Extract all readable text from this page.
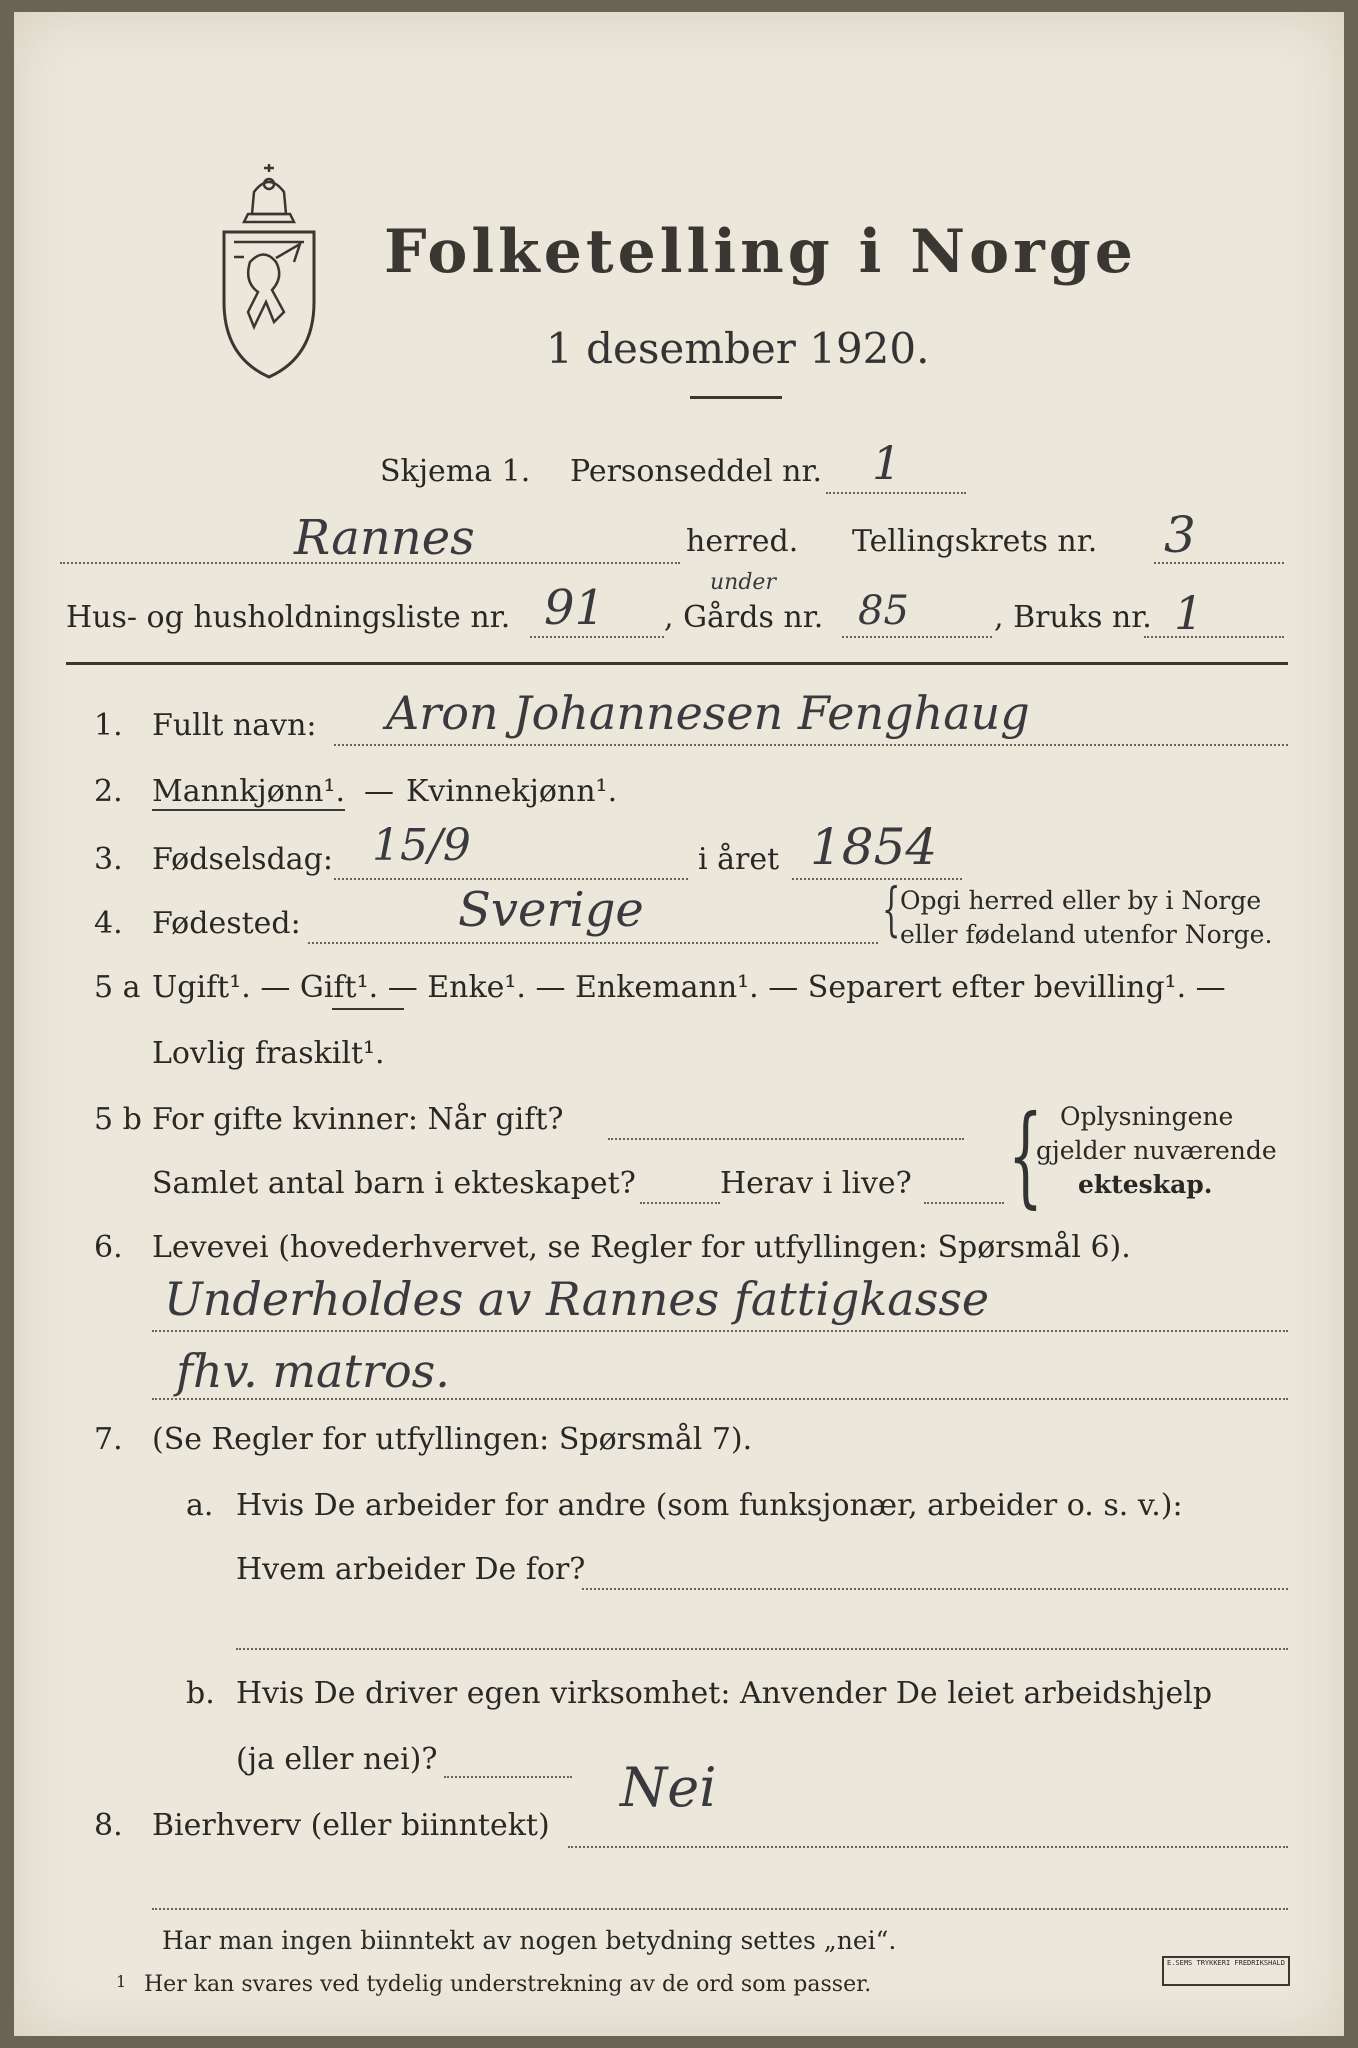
Folketelling i Norge
1 desember 1920.
Skjema 1. Personseddel nr. 1
Rannes	herred. Tellingskrets nr. 3
Hus- og husholdningsliste nr. 91 , Gårds nr.
under
85	, Bruks nr. 1
1. Fullt navn: Aron Johannesen Fenghaug
2. Mannkjønn¹. — Kvinnekjønn¹.
3. Fødselsdag: 15/9	i året 1854
4. Fødested:	Sverige	{ Opgi herred eller by i Norge
eller fødeland utenfor Norge.
5 a Ugift¹. — Gift¹. — Enke¹. — Enkemann¹. — Separert efter bevilling¹. —
Lovlig fraskilt¹.
5 b For gifte kvinner: Når gift?
Samlet antal barn i ekteskapet?	Herav i live? { Oplysningene
gjelder nuværende
ekteskap.
6. Levevei (hovederhvervet, se Regler for utfyllingen: Spørsmål 6).
Underholdes av Rannes fattigkasse
fhv. matros.
7. (Se Regler for utfyllingen: Spørsmål 7).
a. Hvis De arbeider for andre (som funksjonær, arbeider o. s. v.):
Hvem arbeider De for?
b. Hvis De driver egen virksomhet: Anvender De leiet arbeidshjelp
(ja eller nei)?
8. Bierhverv (eller biinntekt)
Nei
Har man ingen biinntekt av nogen betydning settes „nei“.
1 Her kan svares ved tydelig understrekning av de ord som passer.
E.SEMS TRYKKERI FREDRIKSHALD
